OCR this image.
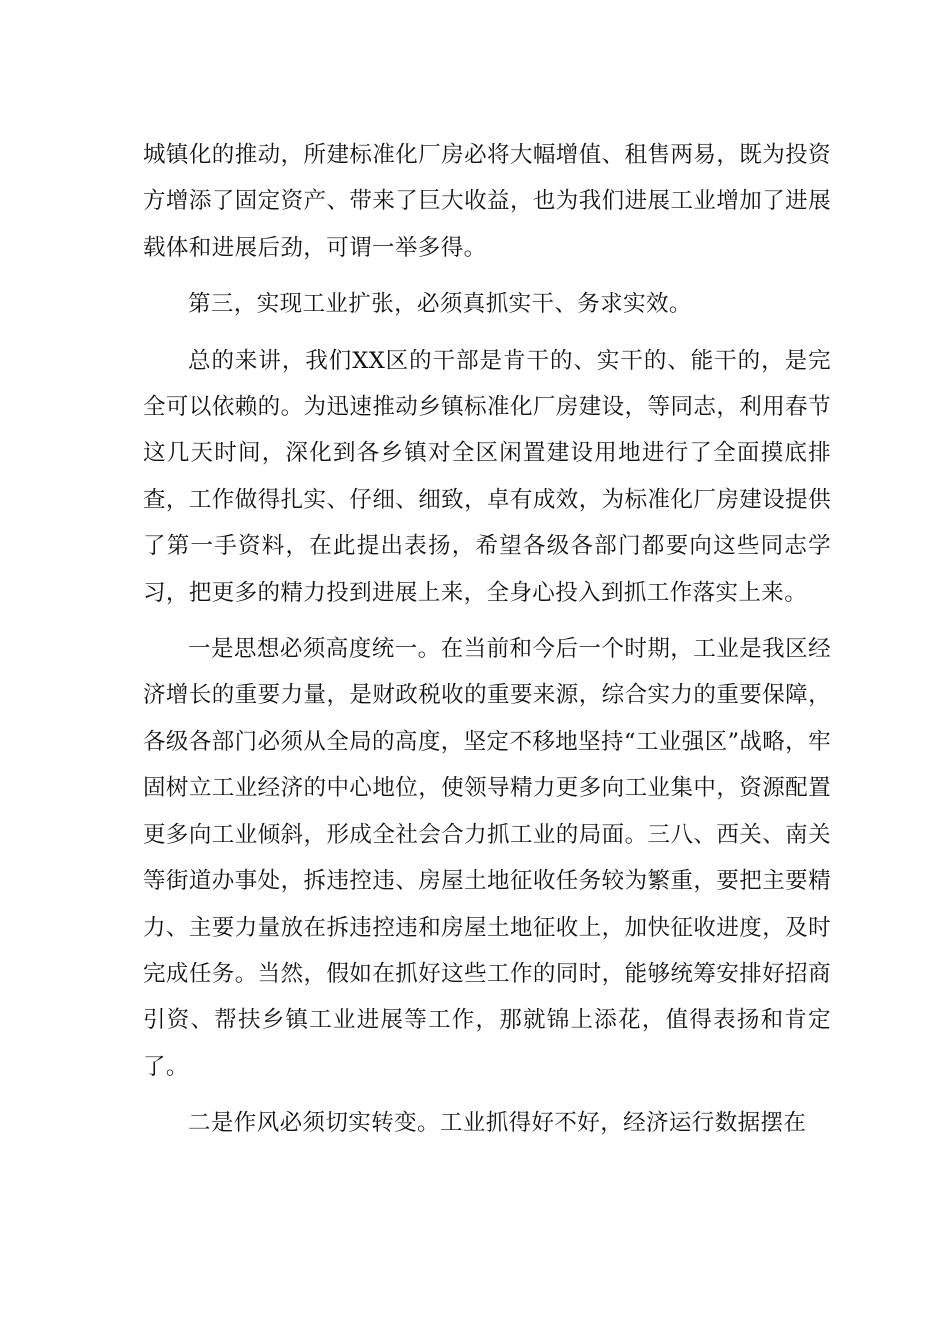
城镇化的推动，所建标准化厂房必将大幅增值、租售两易，既为投资方增添了固定资产、带来了巨大收益，也为我们进展工业增加了进展载体和进展后劲，可谓一举多得。

第三，实现工业扩张，必须真抓实干、务求实效。

总的来讲，我们XX区的干部是肯干的、实干的、能干的，是完全可以依赖的。为迅速推动乡镇标准化厂房建设，等同志，利用春节这几天时间，深化到各乡镇对全区闲置建设用地进行了全面摸底排查，工作做得扎实、仔细、细致，卓有成效，为标准化厂房建设提供了第一手资料，在此提出表扬，希望各级各部门都要向这些同志学习，把更多的精力投到进展上来，全身心投入到抓工作落实上来。

一是思想必须高度统一。在当前和今后一个时期，工业是我区经济增长的重要力量，是财政税收的重要来源，综合实力的重要保障，各级各部门必须从全局的高度，坚定不移地坚持“工业强区”战略，牢固树立工业经济的中心地位，使领导精力更多向工业集中，资源配置更多向工业倾斜，形成全社会合力抓工业的局面。三八、西关、南关等街道办事处，拆违控违、房屋土地征收任务较为繁重，要把主要精力、主要力量放在拆违控违和房屋土地征收上，加快征收进度，及时完成任务。当然，假如在抓好这些工作的同时，能够统筹安排好招商引资、帮扶乡镇工业进展等工作，那就锦上添花，值得表扬和肯定了。

二是作风必须切实转变。工业抓得好不好，经济运行数据摆在
